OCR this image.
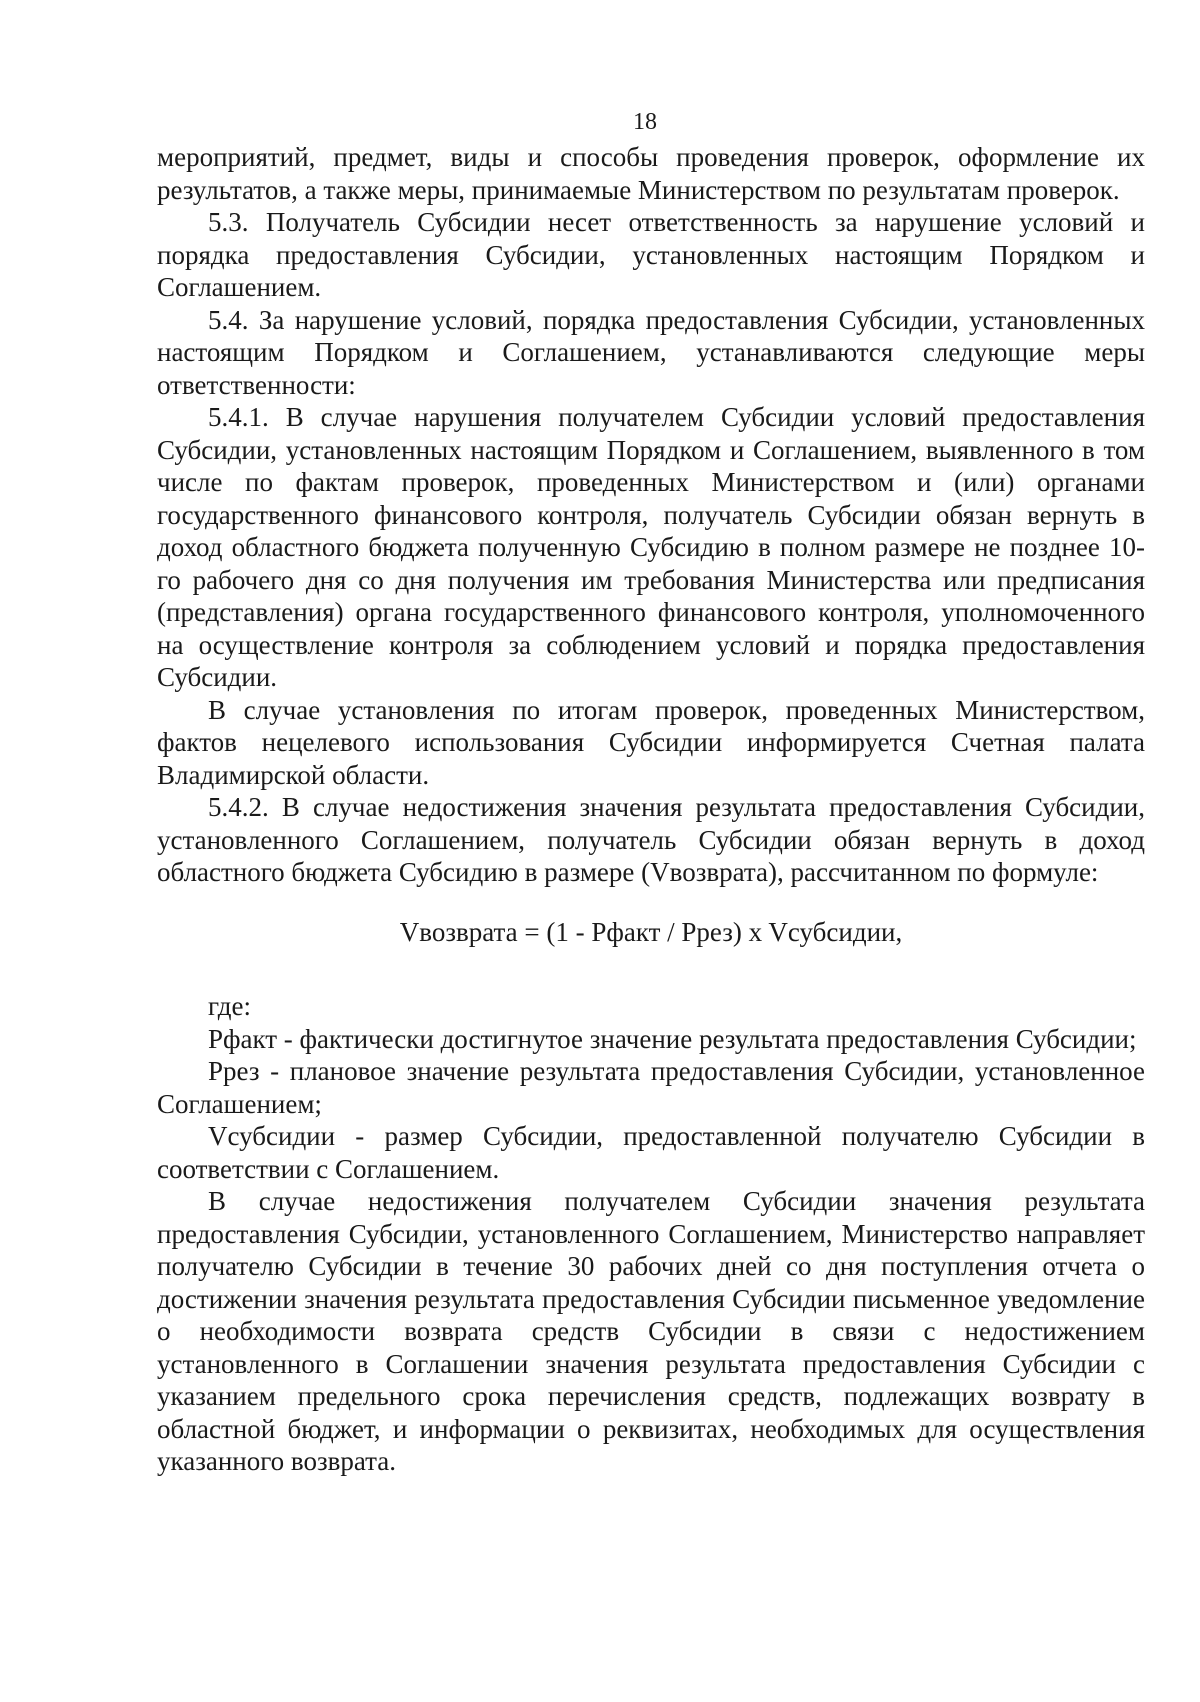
18

мероприятий, предмет, виды и способы проведения проверок, оформление их результатов, а также меры, принимаемые Министерством по результатам проверок.

5.3. Получатель Субсидии несет ответственность за нарушение условий и порядка предоставления Субсидии, установленных настоящим Порядком и Соглашением.

5.4. За нарушение условий, порядка предоставления Субсидии, установленных настоящим Порядком и Соглашением, устанавливаются следующие меры ответственности:

5.4.1. В случае нарушения получателем Субсидии условий предоставления Субсидии, установленных настоящим Порядком и Соглашением, выявленного в том числе по фактам проверок, проведенных Министерством и (или) органами государственного финансового контроля, получатель Субсидии обязан вернуть в доход областного бюджета полученную Субсидию в полном размере не позднее 10-го рабочего дня со дня получения им требования Министерства или предписания (представления) органа государственного финансового контроля, уполномоченного на осуществление контроля за соблюдением условий и порядка предоставления Субсидии.

В случае установления по итогам проверок, проведенных Министерством, фактов нецелевого использования Субсидии информируется Счетная палата Владимирской области.

5.4.2. В случае недостижения значения результата предоставления Субсидии, установленного Соглашением, получатель Субсидии обязан вернуть в доход областного бюджета Субсидию в размере (Vвозврата), рассчитанном по формуле:

Vвозврата = (1 - Рфакт / Ррез) x Vсубсидии,

где:

Рфакт - фактически достигнутое значение результата предоставления Субсидии;

Ррез - плановое значение результата предоставления Субсидии, установленное Соглашением;

Vсубсидии - размер Субсидии, предоставленной получателю Субсидии в соответствии с Соглашением.

В случае недостижения получателем Субсидии значения результата предоставления Субсидии, установленного Соглашением, Министерство направляет получателю Субсидии в течение 30 рабочих дней со дня поступления отчета о достижении значения результата предоставления Субсидии письменное уведомление о необходимости возврата средств Субсидии в связи с недостижением установленного в Соглашении значения результата предоставления Субсидии с указанием предельного срока перечисления средств, подлежащих возврату в областной бюджет, и информации о реквизитах, необходимых для осуществления указанного возврата.
